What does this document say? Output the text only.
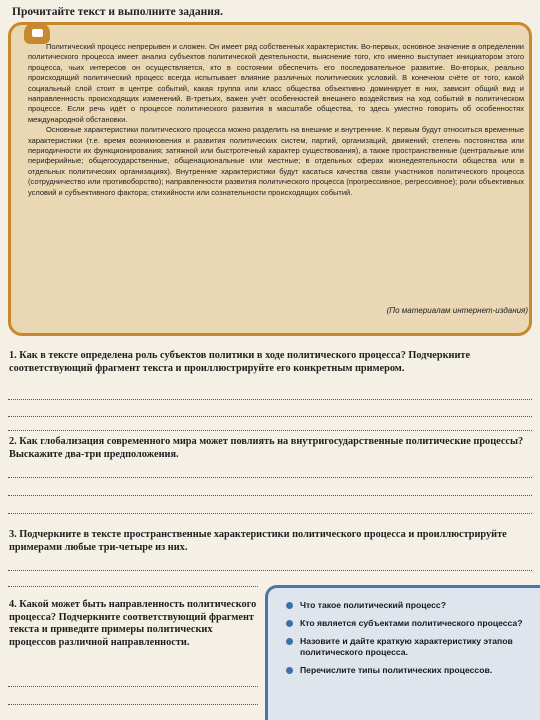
Прочитайте текст и выполните задания.

Политический процесс непрерывен и сложен. Он имеет ряд собственных характеристик. Во-первых, основное значение в определении политического процесса имеет анализ субъектов политической деятельности, выяснение того, кто именно выступает инициатором этого процесса, чьих интересов он осуществляется, кто в состоянии обеспечить его последовательное развитие. Во-вторых, реально происходящий политический процесс всегда испытывает влияние различных политических условий. В конечном счёте от того, какой социальный слой стоит в центре событий, какая группа или класс общества объективно доминирует в них, зависит общий вид и направленность происходящих изменений. В-третьих, важен учёт особенностей внешнего воздействия на ход событий в политическом процессе. Если речь идёт о процессе политического развития в масштабе общества, то здесь уместно говорить об особенностях международной обстановки.

Основные характеристики политического процесса можно разделить на внешние и внутренние. К первым будут относиться временные характеристики (т.е. время возникновения и развития политических систем, партий, организаций, движений; степень постоянства или периодичности их функционирования; затяжной или быстротечный характер существования), а также пространственные (центральные или периферийные; общегосударственные, общенациональные или местные; в отдельных сферах жизнедеятельности общества или в отдельных политических организациях). Внутренние характеристики будут касаться качества связи участников политического процесса (сотрудничество или противоборство); направленности развития политического процесса (прогрессивное, регрессивное); роли объективных условий и субъективного фактора; стихийности или сознательности происходящих событий.

(По материалам интернет-издания)
1. Как в тексте определена роль субъектов политики в ходе политического процесса? Подчеркните соответствующий фрагмент текста и проиллюстрируйте его конкретным примером.
2. Как глобализация современного мира может повлиять на внутригосударственные политические процессы? Выскажите два-три предположения.
3. Подчеркните в тексте пространственные характеристики политического процесса и проиллюстрируйте примерами любые три-четыре из них.
4. Какой может быть направленность политического процесса? Подчеркните соответствующий фрагмент текста и приведите примеры политических процессов различной направленности.
Что такое политический процесс?
Кто является субъектами политического процесса?
Назовите и дайте краткую характеристику этапов политического процесса.
Перечислите типы политических процессов.
